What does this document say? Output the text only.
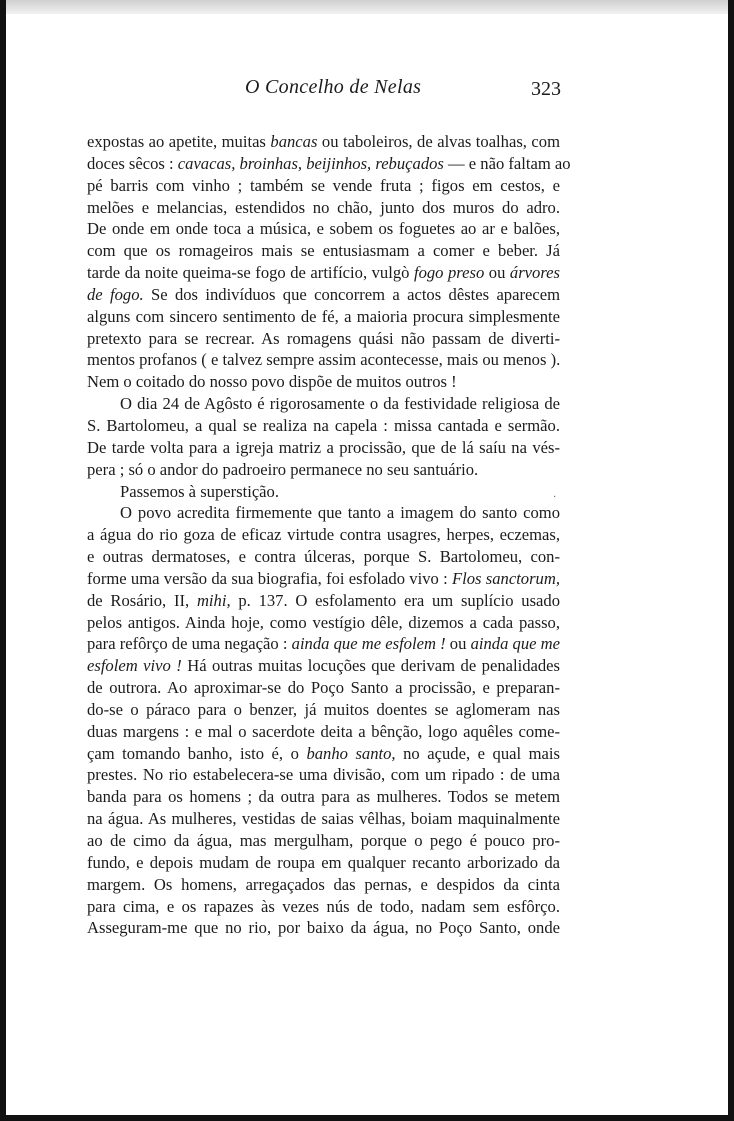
O Concelho de Nelas	323
expostas ao apetite, muitas bancas ou taboleiros, de alvas toalhas, com
doces sêcos : cavacas, broinhas, beijinhos, rebuçados — e não faltam ao
pé barris com vinho ; também se vende fruta ; figos em cestos, e
melões e melancias, estendidos no chão, junto dos muros do adro.
De onde em onde toca a música, e sobem os foguetes ao ar e balões,
com que os romageiros mais se entusiasmam a comer e beber. Já
tarde da noite queima-se fogo de artifício, vulgò fogo preso ou árvores
de fogo. Se dos indivíduos que concorrem a actos dêstes aparecem
alguns com sincero sentimento de fé, a maioria procura simplesmente
pretexto para se recrear. As romagens quási não passam de diverti-
mentos profanos ( e talvez sempre assim acontecesse, mais ou menos ).
Nem o coitado do nosso povo dispõe de muitos outros !
O dia 24 de Agôsto é rigorosamente o da festividade religiosa de
S. Bartolomeu, a qual se realiza na capela : missa cantada e sermão.
De tarde volta para a igreja matriz a procissão, que de lá saíu na vés-
pera ; só o andor do padroeiro permanece no seu santuário.
Passemos à superstição.
O povo acredita firmemente que tanto a imagem do santo como
a água do rio goza de eficaz virtude contra usagres, herpes, eczemas,
e outras dermatoses, e contra úlceras, porque S. Bartolomeu, con-
forme uma versão da sua biografia, foi esfolado vivo : Flos sanctorum,
de Rosário, II, mihi, p. 137. O esfolamento era um suplício usado
pelos antigos. Ainda hoje, como vestígio dêle, dizemos a cada passo,
para refôrço de uma negação : ainda que me esfolem ! ou ainda que me
esfolem vivo ! Há outras muitas locuções que derivam de penalidades
de outrora. Ao aproximar-se do Poço Santo a procissão, e preparan-
do-se o páraco para o benzer, já muitos doentes se aglomeram nas
duas margens : e mal o sacerdote deita a bênção, logo aquêles come-
çam tomando banho, isto é, o banho santo, no açude, e qual mais
prestes. No rio estabelecera-se uma divisão, com um ripado : de uma
banda para os homens ; da outra para as mulheres. Todos se metem
na água. As mulheres, vestidas de saias vêlhas, boiam maquinalmente
ao de cimo da água, mas mergulham, porque o pego é pouco pro-
fundo, e depois mudam de roupa em qualquer recanto arborizado da
margem. Os homens, arregaçados das pernas, e despidos da cinta
para cima, e os rapazes às vezes nús de todo, nadam sem esfôrço.
Asseguram-me que no rio, por baixo da água, no Poço Santo, onde
·
